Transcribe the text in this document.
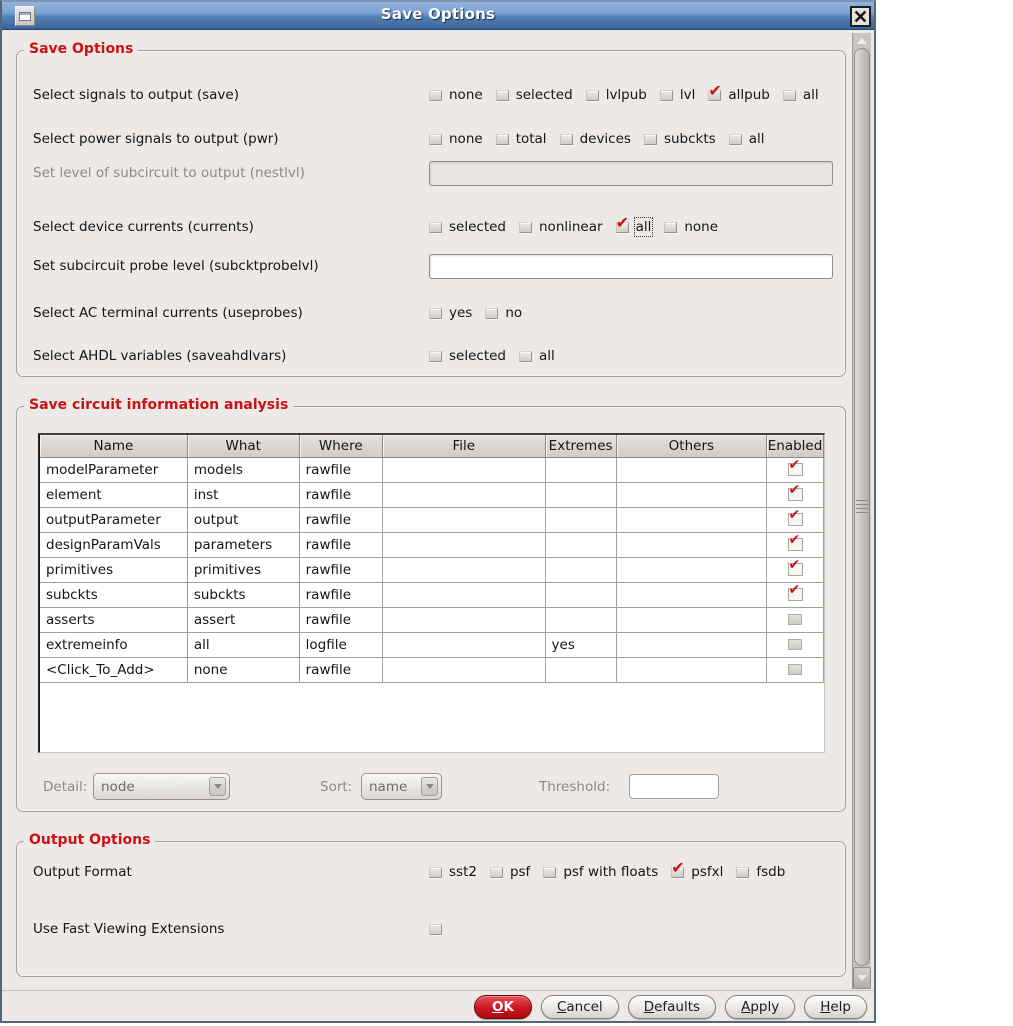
Save Options
Save Options
Select signals to output (save)	none selected lvlpub lvl ✔ allpub all
Select power signals to output (pwr)	none total devices subckts all
Set level of subcircuit to output (nestlvl)
Select device currents (currents)	selected nonlinear ✔ all none
Set subcircuit probe level (subcktprobelvl)
Select AC terminal currents (useprobes)	yes no
Select AHDL variables (saveahdlvars)	selected all
Save circuit information analysis
Name	What	Where	File	Extremes	Others	Enabled
modelParameter	models	rawfile				✔

element	inst	rawfile				✔

outputParameter	output	rawfile				✔

designParamVals	parameters	rawfile				✔

primitives	primitives	rawfile				✔

subckts	subckts	rawfile				✔

asserts	assert	rawfile				
extremeinfo	all	logfile		yes		
<Click_To_Add>	none	rawfile				
Detail: node	Sort: name	Threshold:
Output Options
Output Format	sst2 psf psf with floats ✔ psfxl fsdb
Use Fast Viewing Extensions
O K	C ancel	D efaults	A pply	H elp
